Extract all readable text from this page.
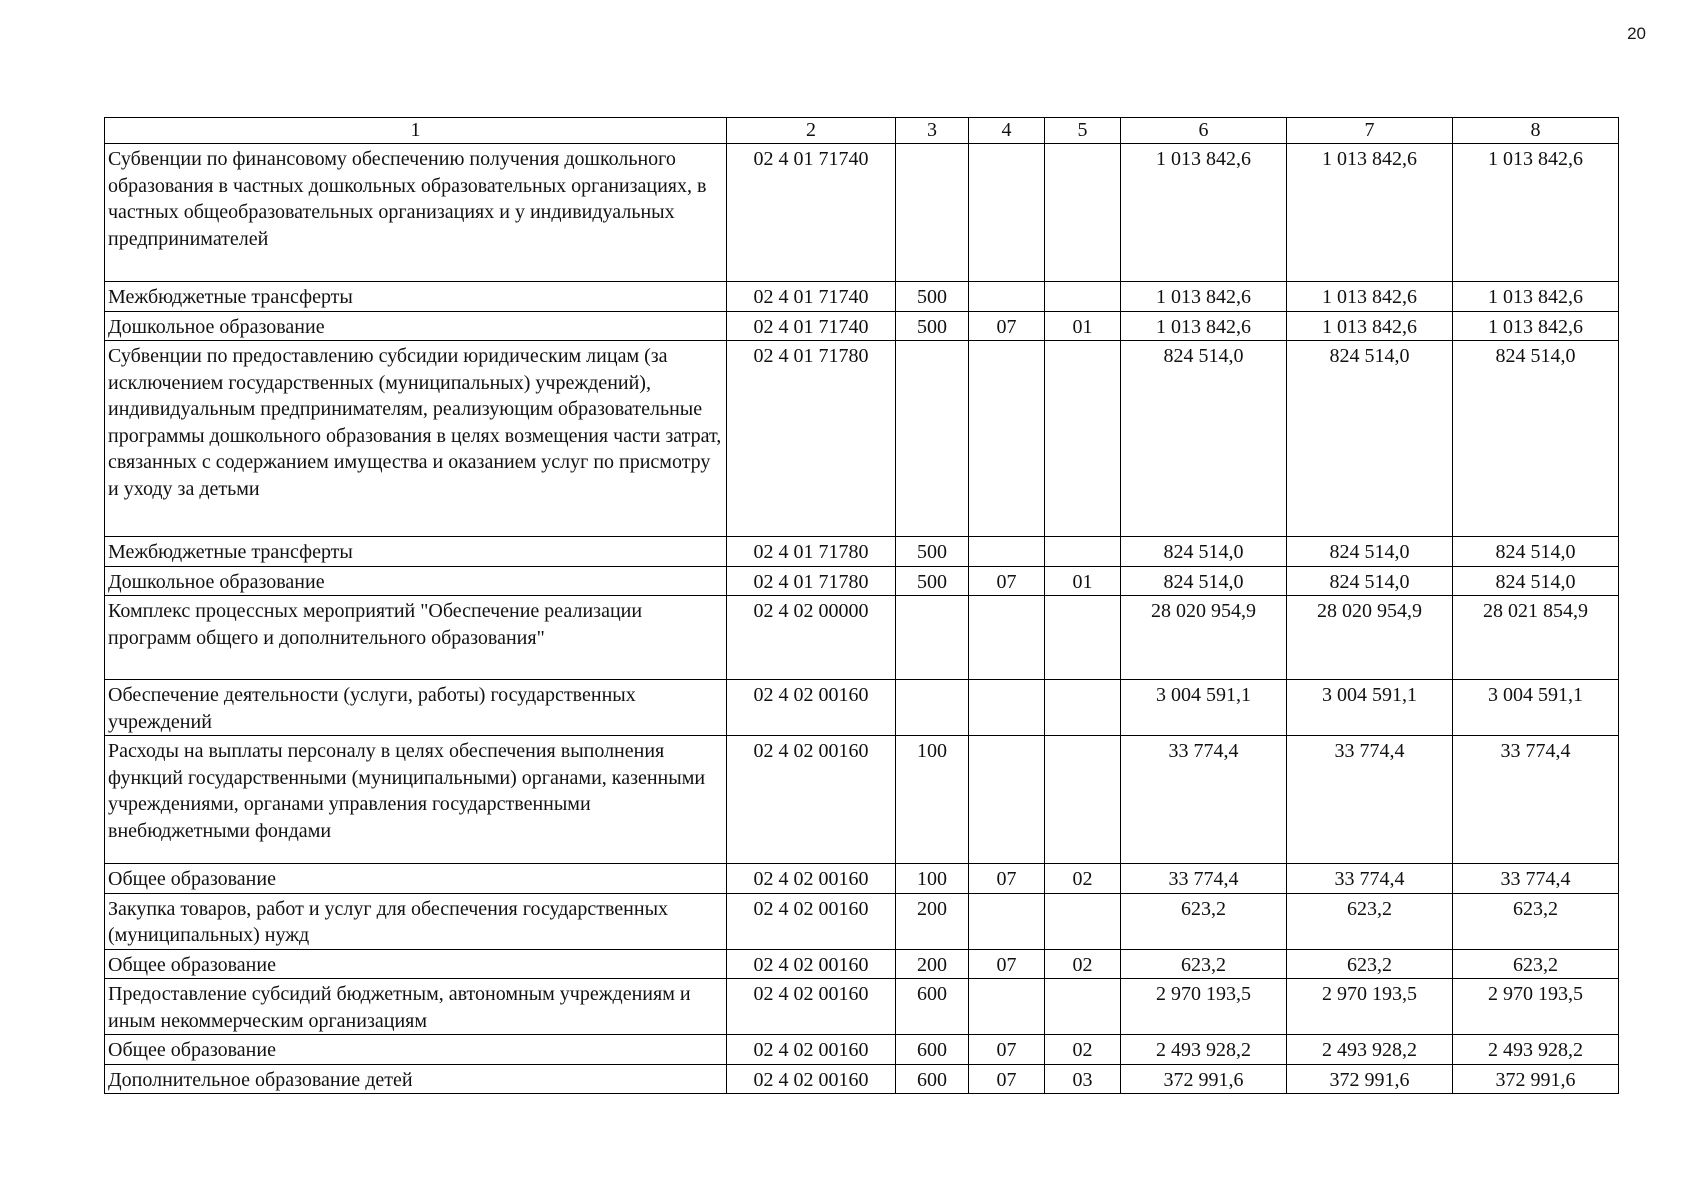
20
1	2	3	4	5	6	7	8
Субвенции по финансовому обеспечению получения дошкольного образования в частных дошкольных образовательных организациях, в частных общеобразовательных организациях и у индивидуальных предпринимателей	02 4 01 71740				1 013 842,6	1 013 842,6	1 013 842,6
Межбюджетные трансферты	02 4 01 71740	500			1 013 842,6	1 013 842,6	1 013 842,6
Дошкольное образование	02 4 01 71740	500	07	01	1 013 842,6	1 013 842,6	1 013 842,6
Субвенции по предоставлению субсидии юридическим лицам (за исключением государственных (муниципальных) учреждений), индивидуальным предпринимателям, реализующим образовательные программы дошкольного образования в целях возмещения части затрат, связанных с содержанием имущества и оказанием услуг по присмотру и уходу за детьми	02 4 01 71780				824 514,0	824 514,0	824 514,0
Межбюджетные трансферты	02 4 01 71780	500			824 514,0	824 514,0	824 514,0
Дошкольное образование	02 4 01 71780	500	07	01	824 514,0	824 514,0	824 514,0
Комплекс процессных мероприятий "Обеспечение реализации программ общего и дополнительного образования"	02 4 02 00000				28 020 954,9	28 020 954,9	28 021 854,9
Обеспечение деятельности (услуги, работы) государственных учреждений	02 4 02 00160				3 004 591,1	3 004 591,1	3 004 591,1
Расходы на выплаты персоналу в целях обеспечения выполнения функций государственными (муниципальными) органами, казенными учреждениями, органами управления государственными внебюджетными фондами	02 4 02 00160	100			33 774,4	33 774,4	33 774,4
Общее образование	02 4 02 00160	100	07	02	33 774,4	33 774,4	33 774,4
Закупка товаров, работ и услуг для обеспечения государственных (муниципальных) нужд	02 4 02 00160	200			623,2	623,2	623,2
Общее образование	02 4 02 00160	200	07	02	623,2	623,2	623,2
Предоставление субсидий бюджетным, автономным учреждениям и иным некоммерческим организациям	02 4 02 00160	600			2 970 193,5	2 970 193,5	2 970 193,5
Общее образование	02 4 02 00160	600	07	02	2 493 928,2	2 493 928,2	2 493 928,2
Дополнительное образование детей	02 4 02 00160	600	07	03	372 991,6	372 991,6	372 991,6
